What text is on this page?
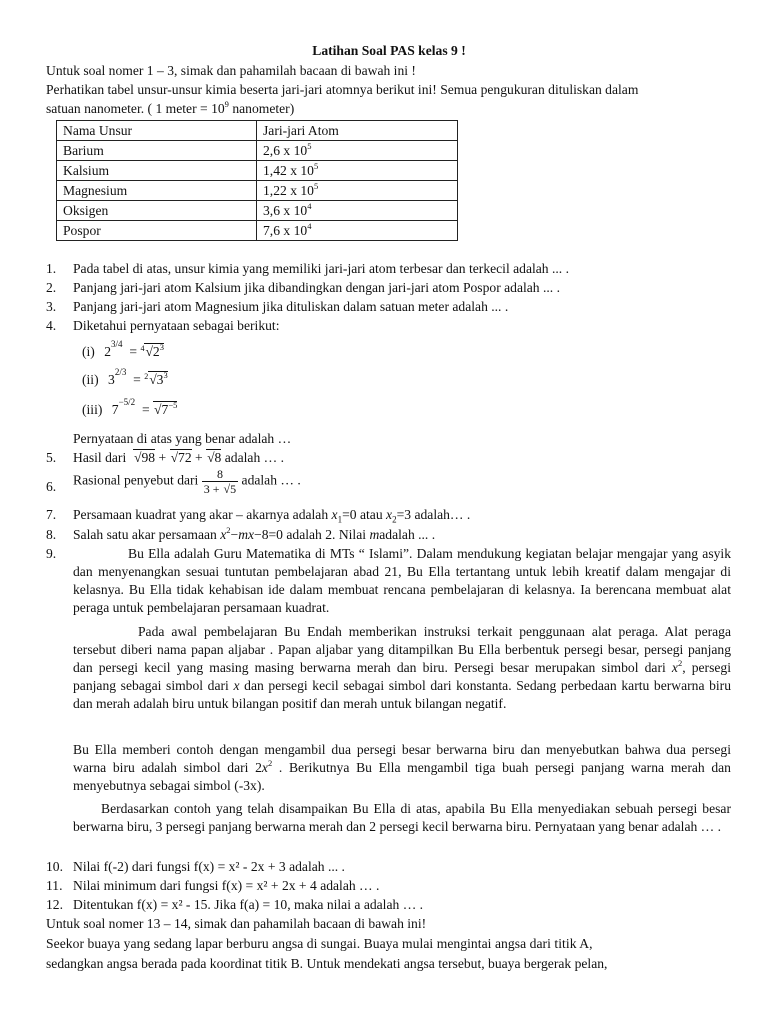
Latihan Soal PAS kelas 9 !
Untuk soal nomer 1 – 3, simak dan pahamilah bacaan di bawah ini !
Perhatikan tabel unsur-unsur kimia beserta jari-jari atomnya berikut ini! Semua pengukuran dituliskan dalam
satuan nanometer. ( 1 meter = $10^9$ nanometer)
Nama Unsur	Jari-jari Atom
Barium	2,6 x $10^5$
Kalsium	1,42 x $10^5$
Magnesium	1,22 x $10^5$
Oksigen	3,6 x $10^4$
Pospor	7,6 x $10^4$
1. Pada tabel di atas, unsur kimia yang memiliki jari-jari atom terbesar dan terkecil adalah ... .
2. Panjang jari-jari atom Kalsium jika dibandingkan dengan jari-jari atom Pospor adalah ... .
3. Panjang jari-jari atom Magnesium jika dituliskan dalam satuan meter adalah ... .
4. Diketahui pernyataan sebagai berikut:
(i) $2^{3/4} = ^4√2^3$
(ii) $3^{2/3} = ^2√3^3$
(iii) $7^{-5/2} = √7^{-5}$
Pernyataan di atas yang benar adalah …
5. Hasil dari √98 + √72 + √8 adalah … .
6. Rasional penyebut dari $\frac{8}{3 + √5}$ adalah … .
7. Persamaan kuadrat yang akar – akarnya adalah $x_1=0$ atau $x_2=3$ adalah… .
8. Salah satu akar persamaan $x^2-mx-8=0$ adalah 2. Nilai madalah ... .
9.	Bu Ella adalah Guru Matematika di MTs “ Islami”. Dalam mendukung kegiatan belajar mengajar yang asyik dan menyenangkan sesuai tuntutan pembelajaran abad 21, Bu Ella tertantang untuk lebih kreatif dalam mengajar di kelasnya. Bu Ella tidak kehabisan ide dalam membuat rencana pembelajaran di kelasnya. Ia berencana membuat alat peraga untuk pembelajaran persamaan kuadrat.
Pada awal pembelajaran Bu Endah memberikan instruksi terkait penggunaan alat peraga. Alat peraga tersebut diberi nama papan aljabar . Papan aljabar yang ditampilkan Bu Ella berbentuk persegi besar, persegi panjang dan persegi kecil yang masing masing berwarna merah dan biru. Persegi besar merupakan simbol dari $x^2$, persegi panjang sebagai simbol dari x dan persegi kecil sebagai simbol dari konstanta. Sedang perbedaan kartu berwarna biru dan merah adalah biru untuk bilangan positif dan merah untuk bilangan negatif.
Bu Ella memberi contoh dengan mengambil dua persegi besar berwarna biru dan menyebutkan bahwa dua persegi warna biru adalah simbol dari $2x^2$ . Berikutnya Bu Ella mengambil tiga buah persegi panjang warna merah dan menyebutnya sebagai simbol (-3x).
Berdasarkan contoh yang telah disampaikan Bu Ella di atas, apabila Bu Ella menyediakan sebuah persegi besar berwarna biru, 3 persegi panjang berwarna merah dan 2 persegi kecil berwarna biru. Pernyataan yang benar adalah … .
10. Nilai f(-2) dari fungsi f(x) = x² - 2x + 3 adalah ... .
11. Nilai minimum dari fungsi f(x) = x² + 2x + 4 adalah … .
12. Ditentukan f(x) = x² - 15. Jika f(a) = 10, maka nilai a adalah … .
Untuk soal nomer 13 – 14, simak dan pahamilah bacaan di bawah ini!
Seekor buaya yang sedang lapar berburu angsa di sungai. Buaya mulai mengintai angsa dari titik A,
sedangkan angsa berada pada koordinat titik B. Untuk mendekati angsa tersebut, buaya bergerak pelan,
